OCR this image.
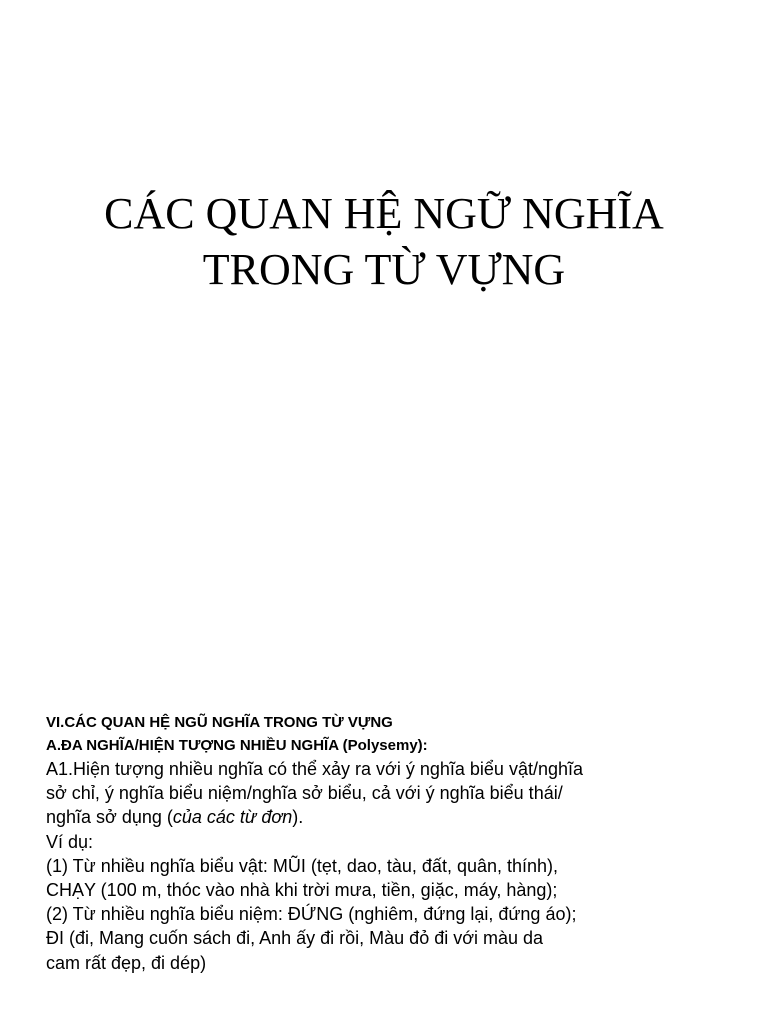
CÁC QUAN HỆ NGỮ NGHĨA
TRONG TỪ VỰNG

VI.CÁC QUAN HỆ NGŨ NGHĨA TRONG TỪ VỰNG

A.ĐA NGHĨA/HIỆN TƯỢNG NHIỀU NGHĨA (Polysemy):

A1.Hiện tượng nhiều nghĩa có thể xảy ra với ý nghĩa biểu vật/nghĩa

sở chỉ, ý nghĩa biểu niệm/nghĩa sở biểu, cả với ý nghĩa biểu thái/

nghĩa sở dụng (của các từ đơn).

Ví dụ:

(1) Từ nhiều nghĩa biểu vật: MŨI (tẹt, dao, tàu, đất, quân, thính),

CHẠY (100 m, thóc vào nhà khi trời mưa, tiền, giặc, máy, hàng);

(2) Từ nhiều nghĩa biểu niệm: ĐỨNG (nghiêm, đứng lại, đứng áo);

ĐI (đi, Mang cuốn sách đi, Anh ấy đi rồi, Màu đỏ đi với màu da

cam rất đẹp, đi dép)
